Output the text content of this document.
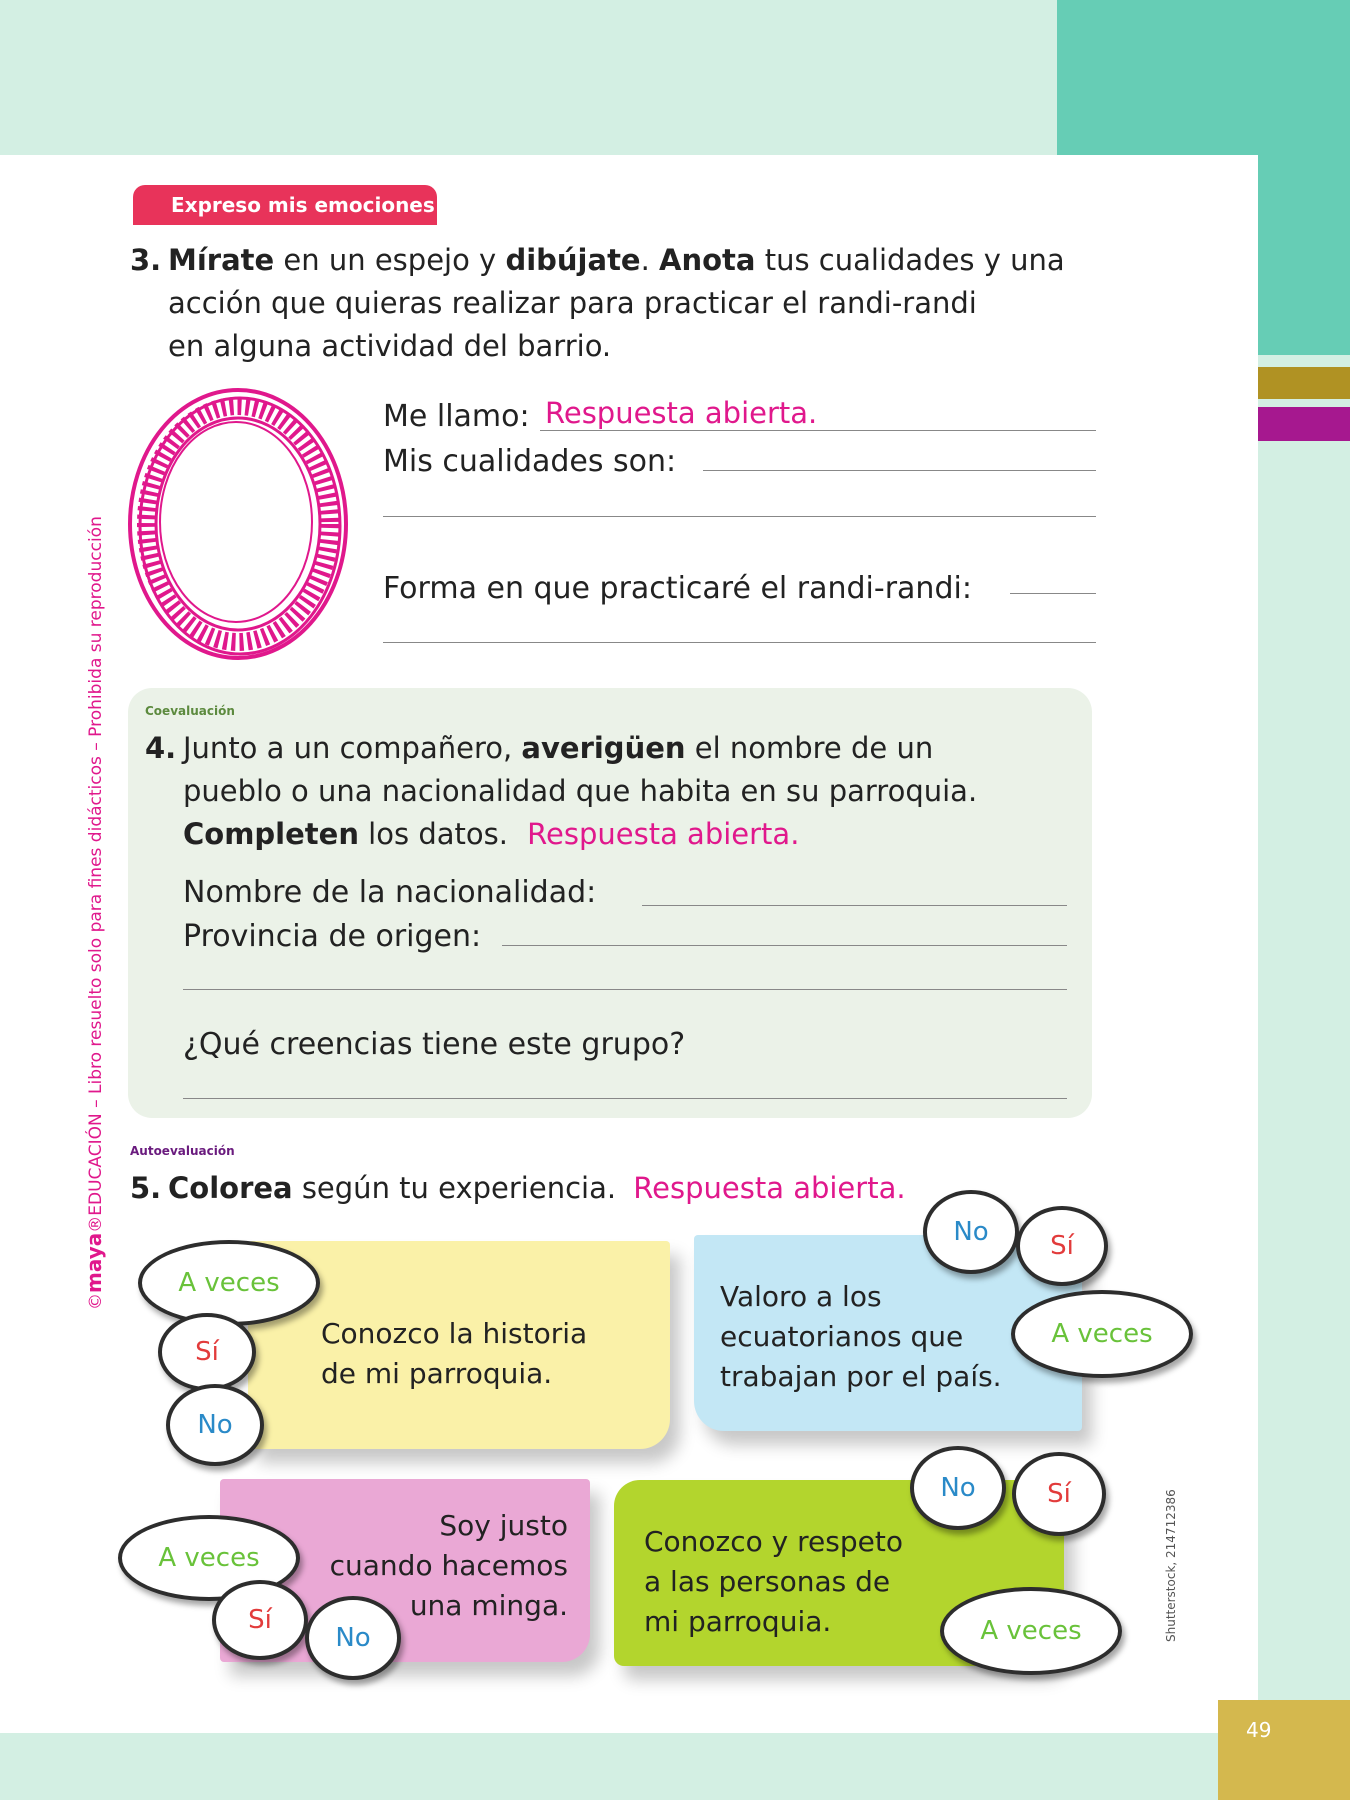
49
©maya®EDUCACIÓN – Libro resuelto solo para fines didácticos – Prohibida su reproducción
Shutterstock, 214712386
Expreso mis emociones
3. Mírate en un espejo y dibújate. Anota tus cualidades y una
acción que quieras realizar para practicar el randi-randi
en alguna actividad del barrio.
Me llamo: Respuesta abierta.
Mis cualidades son:
Forma en que practicaré el randi-randi:
Coevaluación
4. Junto a un compañero, averigüen el nombre de un
pueblo o una nacionalidad que habita en su parroquia.
Completen los datos. Respuesta abierta.
Nombre de la nacionalidad:
Provincia de origen:
¿Qué creencias tiene este grupo?
Autoevaluación
5. Colorea según tu experiencia. Respuesta abierta.
Conozco la historia
de mi parroquia.
A veces
Sí
No
Valoro a los
ecuatorianos que
trabajan por el país.
No	Sí
A veces
Soy justo
cuando hacemos
una minga.
A veces
Sí
No
Conozco y respeto
a las personas de
mi parroquia.
No	Sí
A veces
